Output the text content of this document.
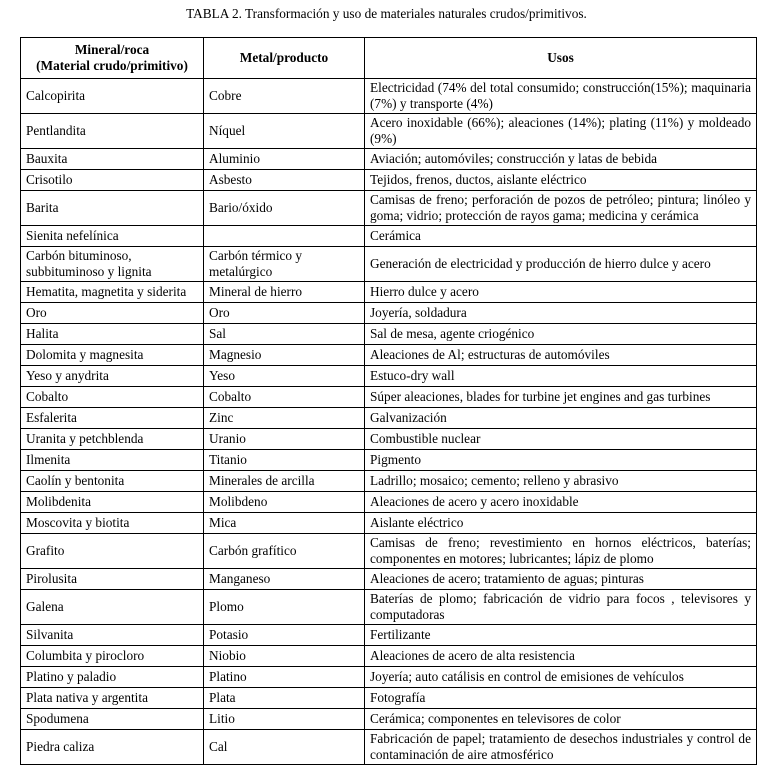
TABLA 2. Transformación y uso de materiales naturales crudos/primitivos.
Mineral/roca
(Material crudo/primitivo)	Metal/producto	Usos
Calcopirita	Cobre	Electricidad (74% del total consumido; construcción(15%); maquinaria (7%) y transporte (4%)
Pentlandita	Níquel	Acero inoxidable (66%); aleaciones (14%); plating (11%) y moldeado (9%)
Bauxita	Aluminio	Aviación; automóviles; construcción y latas de bebida
Crisotilo	Asbesto	Tejidos, frenos, ductos, aislante eléctrico
Barita	Bario/óxido	Camisas de freno; perforación de pozos de petróleo; pintura; linóleo y goma; vidrio; protección de rayos gama; medicina y cerámica
Sienita nefelínica		Cerámica
Carbón bituminoso, subbituminoso y lignita	Carbón térmico y metalúrgico	Generación de electricidad y producción de hierro dulce y acero
Hematita, magnetita y siderita	Mineral de hierro	Hierro dulce y acero
Oro	Oro	Joyería, soldadura
Halita	Sal	Sal de mesa, agente criogénico
Dolomita y magnesita	Magnesio	Aleaciones de Al; estructuras de automóviles
Yeso y anydrita	Yeso	Estuco-dry wall
Cobalto	Cobalto	Súper aleaciones, blades for turbine jet engines and gas turbines
Esfalerita	Zinc	Galvanización
Uranita y petchblenda	Uranio	Combustible nuclear
Ilmenita	Titanio	Pigmento
Caolín y bentonita	Minerales de arcilla	Ladrillo; mosaico; cemento; relleno y abrasivo
Molibdenita	Molibdeno	Aleaciones de acero y acero inoxidable
Moscovita y biotita	Mica	Aislante eléctrico
Grafito	Carbón grafítico	Camisas de freno; revestimiento en hornos eléctricos, baterías; componentes en motores; lubricantes; lápiz de plomo
Pirolusita	Manganeso	Aleaciones de acero; tratamiento de aguas; pinturas
Galena	Plomo	Baterías de plomo; fabricación de vidrio para focos , televisores y computadoras
Silvanita	Potasio	Fertilizante
Columbita y pirocloro	Niobio	Aleaciones de acero de alta resistencia
Platino y paladio	Platino	Joyería; auto catálisis en control de emisiones de vehículos
Plata nativa y argentita	Plata	Fotografía
Spodumena	Litio	Cerámica; componentes en televisores de color
Piedra caliza	Cal	Fabricación de papel; tratamiento de desechos industriales y control de contaminación de aire atmosférico
